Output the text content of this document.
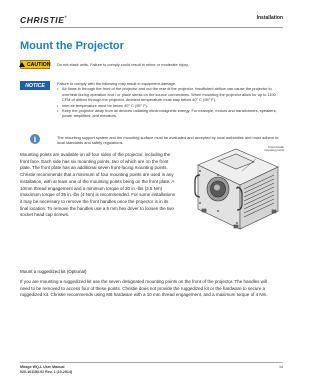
CHRISTIE®	Installation
Mount the Projector
CAUTION Do not stack units. Failure to comply could result in minor or moderate injury.
NOTICE	Failure to comply with the following may result in equipment damage.
• Air flows in through the front of the projector and out the rear of the projector. Insufficient airflow can cause the projector to overheat during operation and / or place stress on the source connections. When mounting the projector allow for up to 1100 CFM of airflow through the projector. Ambient temperature must stay below 40° C (95° F).
• Intel air temperature must be below 40° C (95° F).
• Keep the projector away from all devices radiating electromagnetic energy. For example, motors and transformers, speakers, power amplifiers, and elevators.
i	The mounting support system and the mounting surface must be evaluated and accepted by local authorities and must adhere to local standards and safety regulations.
Mounting points are available on all four sides of the projector, including the front face. Each side has six mounting points, two of which are on the front plate. The front plate has an additional seven front-facing mounting points. Christie recommends that a minimum of four mounting points are used in any installation, with at least one of the mounting points being on the front plate. A 10mm thread engagement and a minimum torque of 30 in.-lbs (3.5 Nm) /maximum torque of 35 in.-lbs (4 Nm) is recommended. For some installations it may be necessary to remove the front handles once the projector is in its final location. To remove the handles use a 5 mm hex driver to loosen the two socket head cap screws.
Front handle
mounting points
Mount a ruggedized kit (Optional)
If you are mounting a ruggedized kit use the seven designated mounting points on the front of the projector. The handles will need to be removed to access four of these points. Christie does not provide the ruggedized kit or the hardware to secure a ruggedized kit. Christie recommends using M8 hardware with a 10 mm thread engagement, and a maximum torque of 4 Nm.
Mirage WQ-L User Manual
020-101153-02 Rev. 1 (10-2014)
14
